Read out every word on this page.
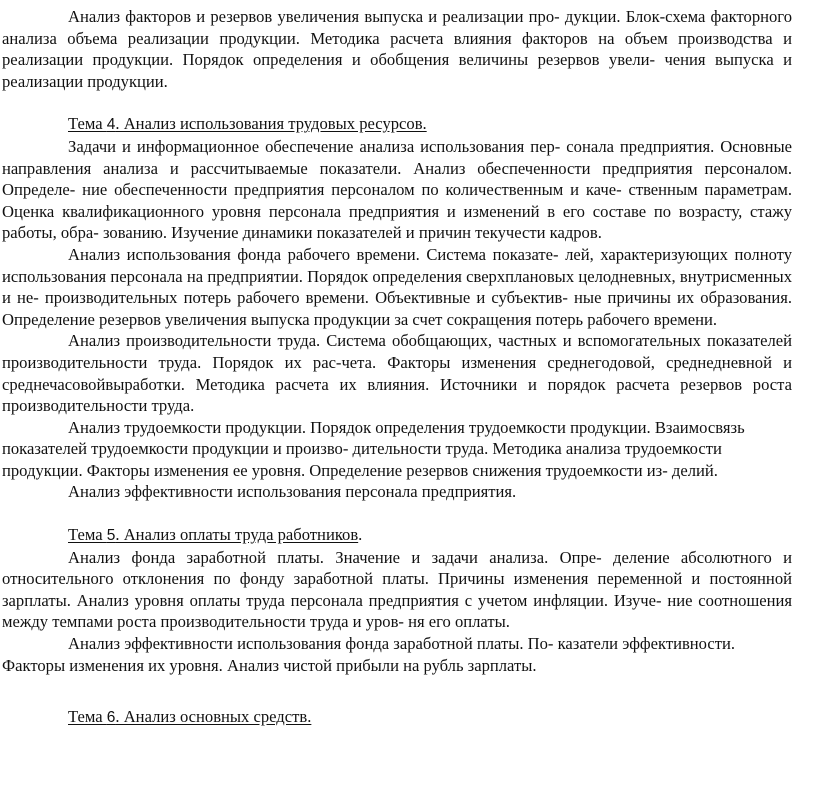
Анализ факторов и резервов увеличения выпуска и реализации про- дукции. Блок-схема факторного анализа объема реализации продукции. Методика расчета влияния факторов на объем производства и реализации продукции. Порядок определения и обобщения величины резервов увели- чения выпуска и реализации продукции.

Тема 4. Анализ использования трудовых ресурсов.

Задачи и информационное обеспечение анализа использования пер- сонала предприятия. Основные направления анализа и рассчитываемые показатели. Анализ обеспеченности предприятия персоналом. Определе- ние обеспеченности предприятия персоналом по количественным и каче- ственным параметрам. Оценка квалификационного уровня персонала предприятия и изменений в его составе по возрасту, стажу работы, обра- зованию. Изучение динамики показателей и причин текучести кадров.

Анализ использования фонда рабочего времени. Система показате- лей, характеризующих полноту использования персонала на предприятии. Порядок определения сверхплановых целодневных, внутрисменных и не- производительных потерь рабочего времени. Объективные и субъектив- ные причины их образования. Определение резервов увеличения выпуска продукции за счет сокращения потерь рабочего времени.

Анализ производительности труда. Система обобщающих, частных и вспомогательных показателей производительности труда. Порядок их рас-чета. Факторы изменения среднегодовой, среднедневной и среднечасовойвыработки. Методика расчета их влияния. Источники и порядок расчета резервов роста производительности труда.

Анализ трудоемкости продукции. Порядок определения трудоемкости продукции. Взаимосвязь показателей трудоемкости продукции и произво- дительности труда. Методика анализа трудоемкости продукции. Факторы изменения ее уровня. Определение резервов снижения трудоемкости из- делий.

Анализ эффективности использования персонала предприятия.

Тема 5. Анализ оплаты труда работников.

Анализ фонда заработной платы. Значение и задачи анализа. Опре- деление абсолютного и относительного отклонения по фонду заработной платы. Причины изменения переменной и постоянной зарплаты. Анализ уровня оплаты труда персонала предприятия с учетом инфляции. Изуче- ние соотношения между темпами роста производительности труда и уров- ня его оплаты.

Анализ эффективности использования фонда заработной платы. По- казатели эффективности. Факторы изменения их уровня. Анализ чистой прибыли на рубль зарплаты.

Тема 6. Анализ основных средств.
